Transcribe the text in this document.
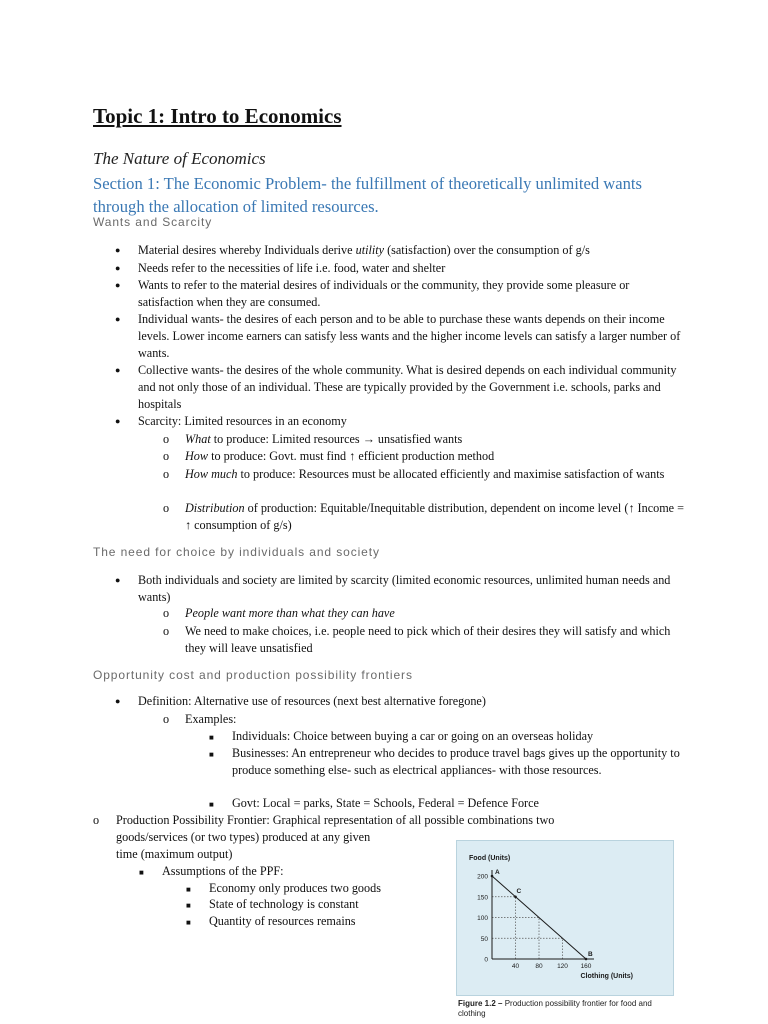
Topic 1: Intro to Economics
The Nature of Economics
Section 1: The Economic Problem- the fulfillment of theoretically unlimited wants through the allocation of limited resources.
Wants and Scarcity
● Material desires whereby Individuals derive utility (satisfaction) over the consumption of g/s
● Needs refer to the necessities of life i.e. food, water and shelter
● Wants to refer to the material desires of individuals or the community, they provide some pleasure or satisfaction when they are consumed.
● Individual wants- the desires of each person and to be able to purchase these wants depends on their income levels. Lower income earners can satisfy less wants and the higher income levels can satisfy a larger number of wants.
● Collective wants- the desires of the whole community. What is desired depends on each individual community and not only those of an individual. These are typically provided by the Government i.e. schools, parks and hospitals
● Scarcity: Limited resources in an economy
o What to produce: Limited resources → unsatisfied wants
o How to produce: Govt. must find ↑ efficient production method
o How much to produce: Resources must be allocated efficiently and maximise satisfaction of wants
o Distribution of production: Equitable/Inequitable distribution, dependent on income level (↑ Income = ↑ consumption of g/s)
The need for choice by individuals and society
● Both individuals and society are limited by scarcity (limited economic resources, unlimited human needs and wants)
o People want more than what they can have
o We need to make choices, i.e. people need to pick which of their desires they will satisfy and which they will leave unsatisfied
Opportunity cost and production possibility frontiers
● Definition: Alternative use of resources (next best alternative foregone)
o Examples:
■ Individuals: Choice between buying a car or going on an overseas holiday
■ Businesses: An entrepreneur who decides to produce travel bags gives up the opportunity to produce something else- such as electrical appliances- with those resources.
■ Govt: Local = parks, State = Schools, Federal = Defence Force
o Production Possibility Frontier: Graphical representation of all possible combinations two
goods/services (or two types) produced at any given
time (maximum output)
■ Assumptions of the PPF:
■ Economy only produces two goods
■ State of technology is constant
■ Quantity of resources remains
Food (Units)
Clothing (Units)
200
150
100
50
0
40	80 120 160
A
C
B
Figure 1.2 – Production possibility frontier for food and clothing
